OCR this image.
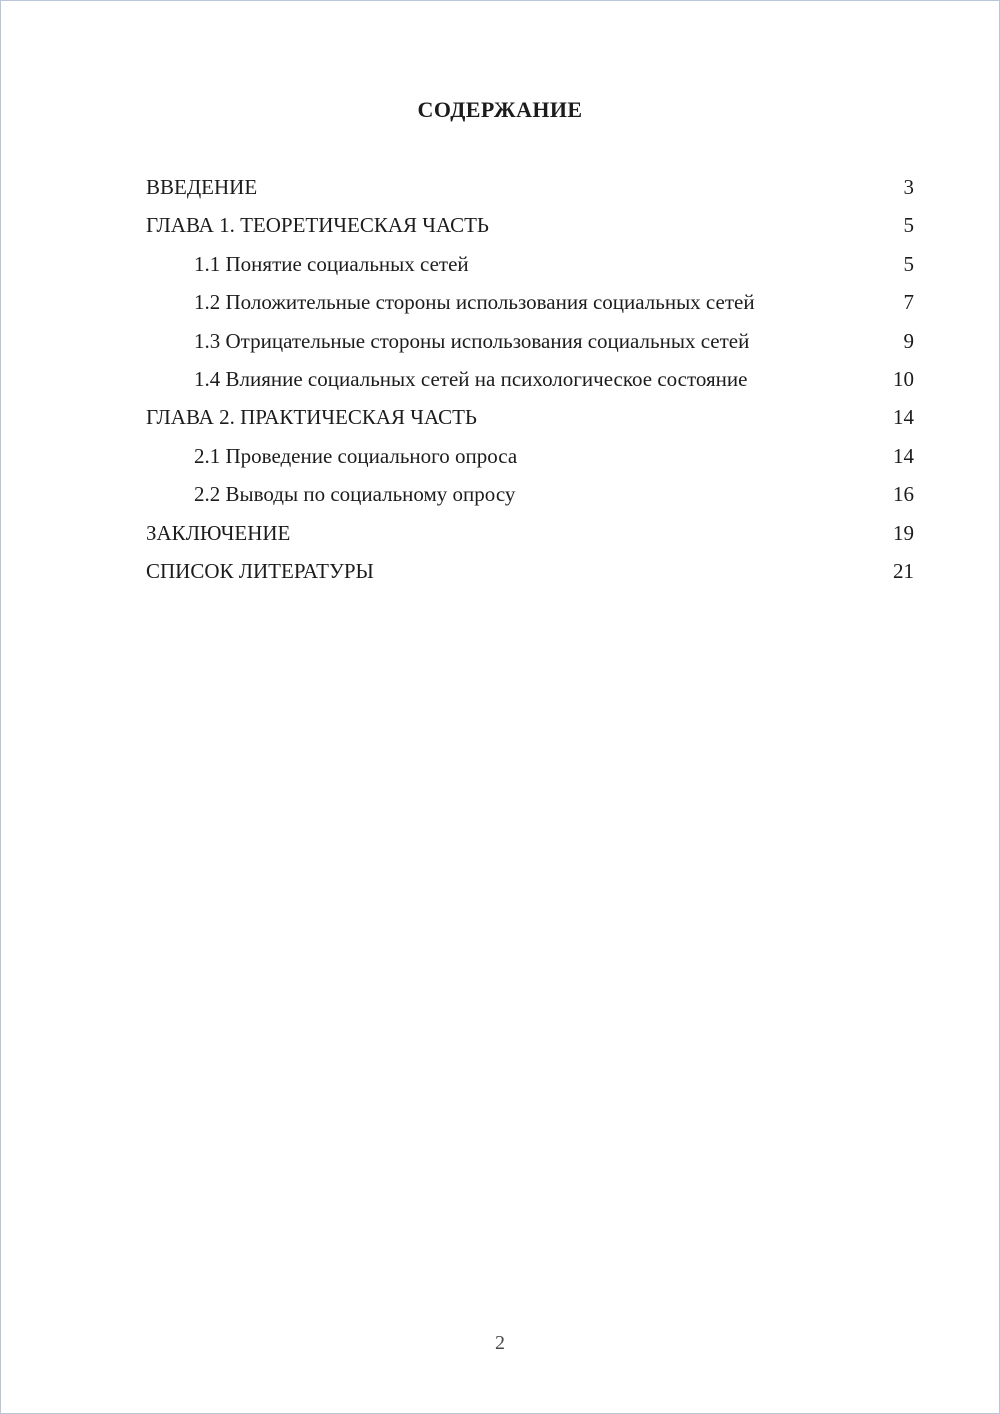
СОДЕРЖАНИЕ
ВВЕДЕНИЕ	3
ГЛАВА 1. ТЕОРЕТИЧЕСКАЯ ЧАСТЬ	5
1.1 Понятие социальных сетей	5
1.2 Положительные стороны использования социальных сетей	7
1.3 Отрицательные стороны использования социальных сетей	9
1.4 Влияние социальных сетей на психологическое состояние	10
ГЛАВА 2. ПРАКТИЧЕСКАЯ ЧАСТЬ	14
2.1 Проведение социального опроса	14
2.2 Выводы по социальному опросу	16
ЗАКЛЮЧЕНИЕ	19
СПИСОК ЛИТЕРАТУРЫ	21
2
